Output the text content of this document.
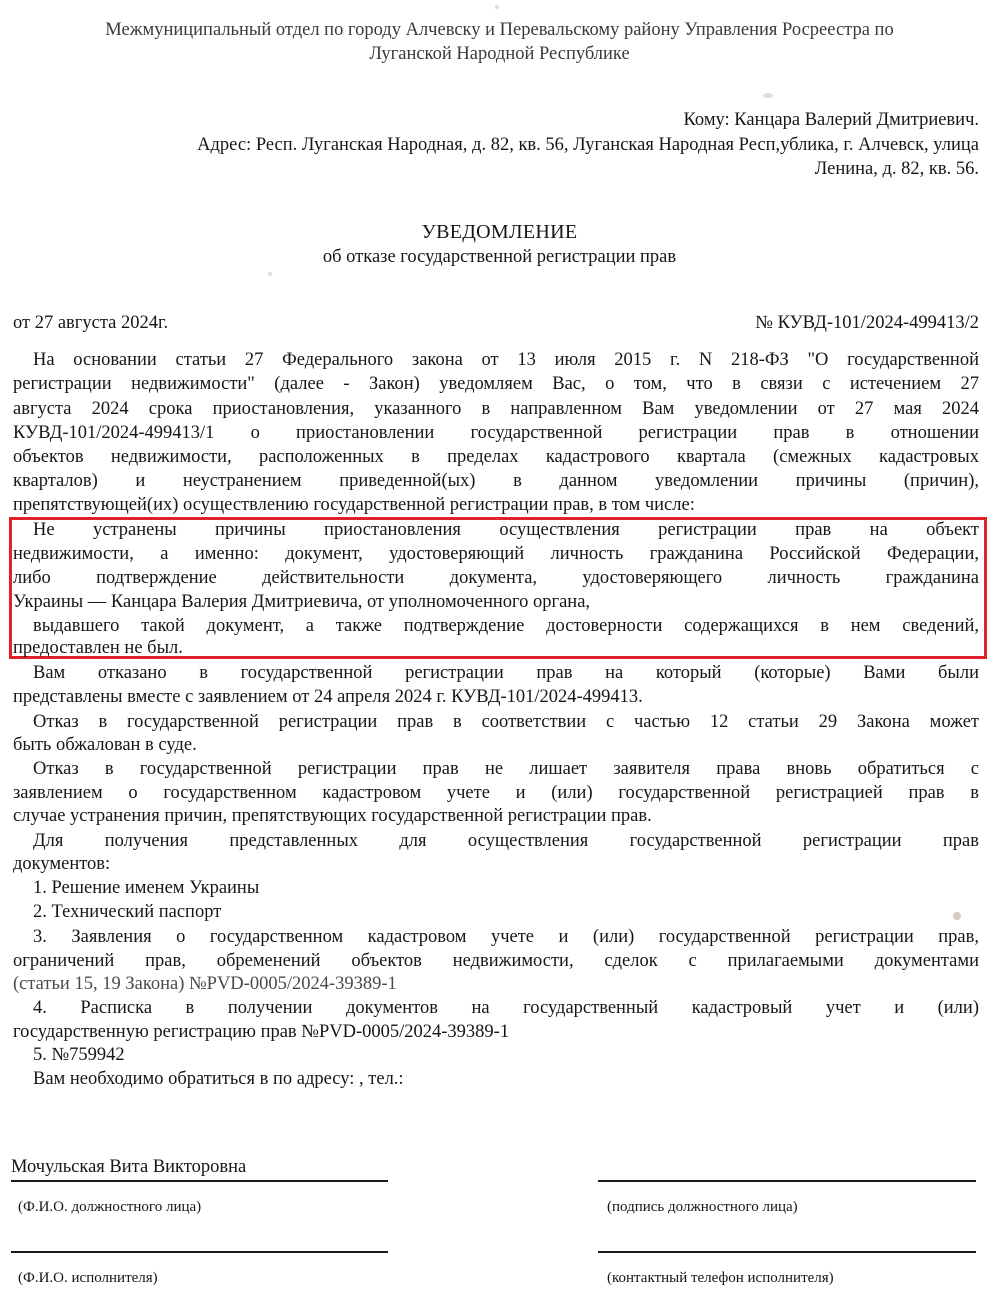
Межмуниципальный отдел по городу Алчевску и Перевальскому району Управления Росреестра по
Луганской Народной Республике
Кому: Канцара Валерий Дмитриевич.
Адрес: Респ. Луганская Народная, д. 82, кв. 56, Луганская Народная Респ,ублика, г. Алчевск, улица
Ленина, д. 82, кв. 56.
УВЕДОМЛЕНИЕ
об отказе государственной регистрации прав
от 27 августа 2024г.	№ КУВД-101/2024-499413/2
На основании статьи 27 Федерального закона от 13 июля 2015 г. N 218-ФЗ "О государственной
регистрации недвижимости" (далее - Закон) уведомляем Вас, о том, что в связи с истечением 27
августа 2024 срока приостановления, указанного в направленном Вам уведомлении от 27 мая 2024
КУВД-101/2024-499413/1 о приостановлении государственной регистрации прав в отношении
объектов недвижимости, расположенных в пределах кадастрового квартала (смежных кадастровых
кварталов) и неустранением приведенной(ых) в данном уведомлении причины (причин),
препятствующей(их) осуществлению государственной регистрации прав, в том числе:
Не устранены причины приостановления осуществления регистрации прав на объект
недвижимости, а именно: документ, удостоверяющий личность гражданина Российской Федерации,
либо подтверждение действительности документа, удостоверяющего личность гражданина
Украины — Канцара Валерия Дмитриевича, от уполномоченного органа,
выдавшего такой документ, а также подтверждение достоверности содержащихся в нем сведений,
предоставлен не был.
Вам отказано в государственной регистрации прав на который (которые) Вами были
представлены вместе с заявлением от 24 апреля 2024 г. КУВД-101/2024-499413.
Отказ в государственной регистрации прав в соответствии с частью 12 статьи 29 Закона может
быть обжалован в суде.
Отказ в государственной регистрации прав не лишает заявителя права вновь обратиться с
заявлением о государственном кадастровом учете и (или) государственной регистрацией прав в
случае устранения причин, препятствующих государственной регистрации прав.
Для получения представленных для осуществления государственной регистрации прав
документов:
1. Решение именем Украины
2. Технический паспорт
3. Заявления о государственном кадастровом учете и (или) государственной регистрации прав,
ограничений прав, обременений объектов недвижимости, сделок с прилагаемыми документами
(статьи 15, 19 Закона) №PVD-0005/2024-39389-1
4. Расписка в получении документов на государственный кадастровый учет и (или)
государственную регистрацию прав №PVD-0005/2024-39389-1
5. №759942
Вам необходимо обратиться в по адресу: , тел.:
Мочульская Вита Викторовна
(Ф.И.О. должностного лица)	(подпись должностного лица)
(Ф.И.О. исполнителя)	(контактный телефон исполнителя)
